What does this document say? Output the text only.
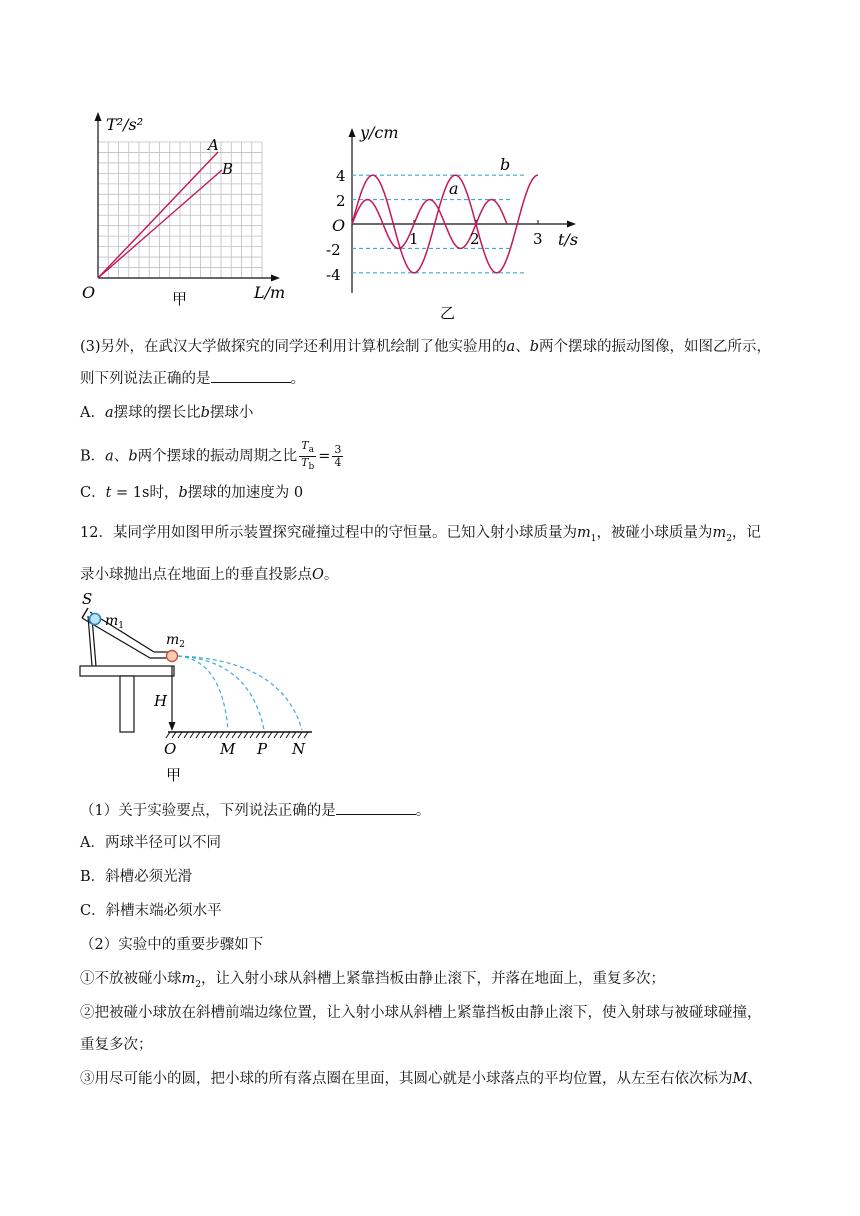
A
B
T²/s²
L/m
O	甲
a
b
y/cm
t/s
O
4
2
-2
-4
1	2	3
乙
(3)另外，在武汉大学做探究的同学还利用计算机绘制了他实验用的a、b两个摆球的振动图像，如图乙所示，
则下列说法正确的是	。
A．a摆球的摆长比b摆球小
B．a、b两个摆球的振动周期之比 $\frac{T_a}{T_b} = \frac{3}{4}$
C．t = 1s时，b摆球的加速度为 0
12．某同学用如图甲所示装置探究碰撞过程中的守恒量。已知入射小球质量为$m_1$，被碰小球质量为$m_2$，记
录小球抛出点在地面上的垂直投影点O。
S
$m_1$
$m_2$
H
O	M P N
甲
（1）关于实验要点，下列说法正确的是	。
A．两球半径可以不同
B．斜槽必须光滑
C．斜槽末端必须水平
（2）实验中的重要步骤如下
①不放被碰小球$m_2$，让入射小球从斜槽上紧靠挡板由静止滚下，并落在地面上，重复多次；
②把被碰小球放在斜槽前端边缘位置，让入射小球从斜槽上紧靠挡板由静止滚下，使入射球与被碰球碰撞，
重复多次；
③用尽可能小的圆，把小球的所有落点圈在里面，其圆心就是小球落点的平均位置，从左至右依次标为M、
